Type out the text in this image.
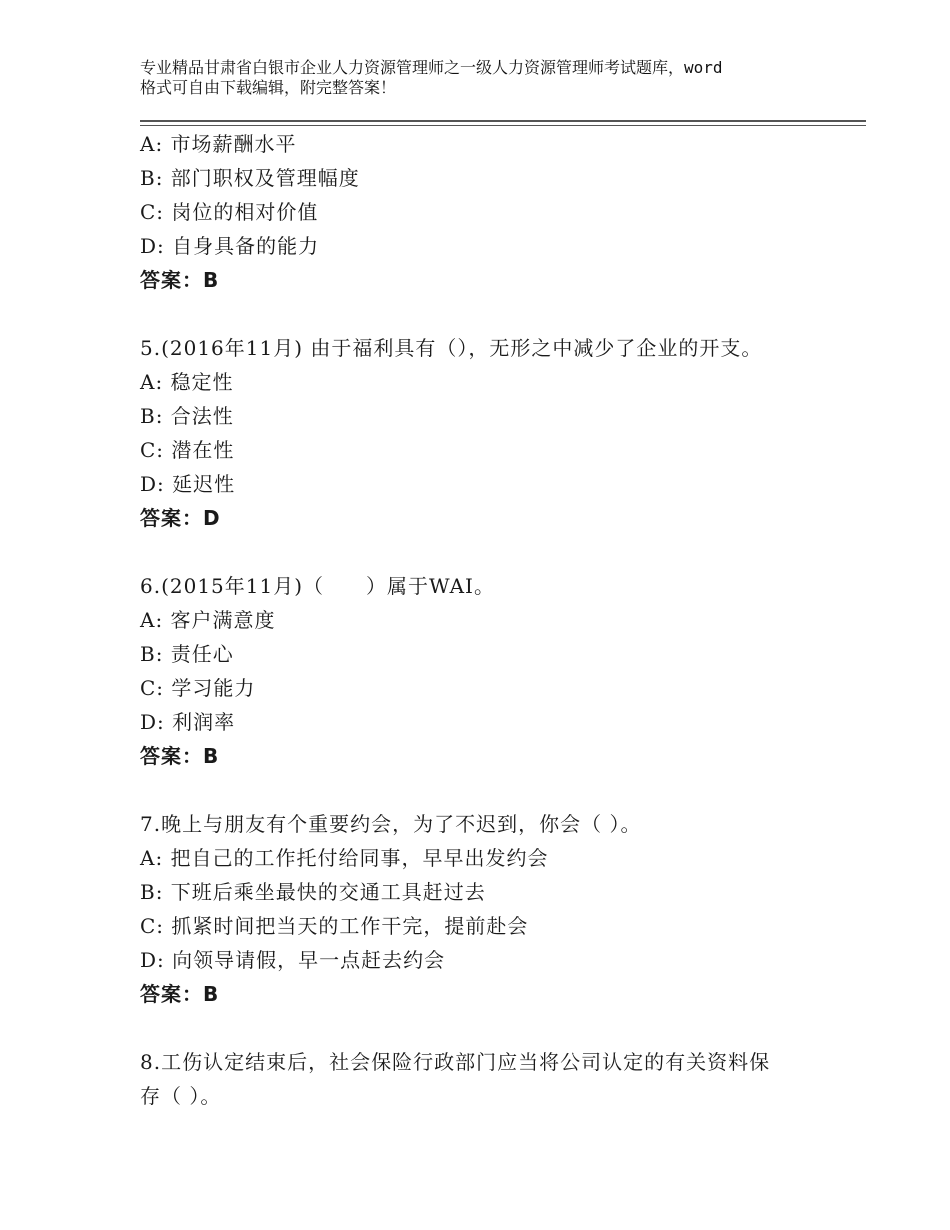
专业精品甘肃省白银市企业人力资源管理师之一级人力资源管理师考试题库，word
格式可自由下载编辑，附完整答案！
A: 市场薪酬水平
B: 部门职权及管理幅度
C: 岗位的相对价值
D: 自身具备的能力
答案：B
5.(2016年11月) 由于福利具有（），无形之中减少了企业的开支。
A: 稳定性
B: 合法性
C: 潜在性
D: 延迟性
答案：D
6.(2015年11月)（　　）属于WAI。
A: 客户满意度
B: 责任心
C: 学习能力
D: 利润率
答案：B
7.晚上与朋友有个重要约会，为了不迟到，你会（ ）。
A: 把自己的工作托付给同事，早早出发约会
B: 下班后乘坐最快的交通工具赶过去
C: 抓紧时间把当天的工作干完，提前赴会
D: 向领导请假，早一点赶去约会
答案：B
8.工伤认定结束后，社会保险行政部门应当将公司认定的有关资料保
存（ ）。
